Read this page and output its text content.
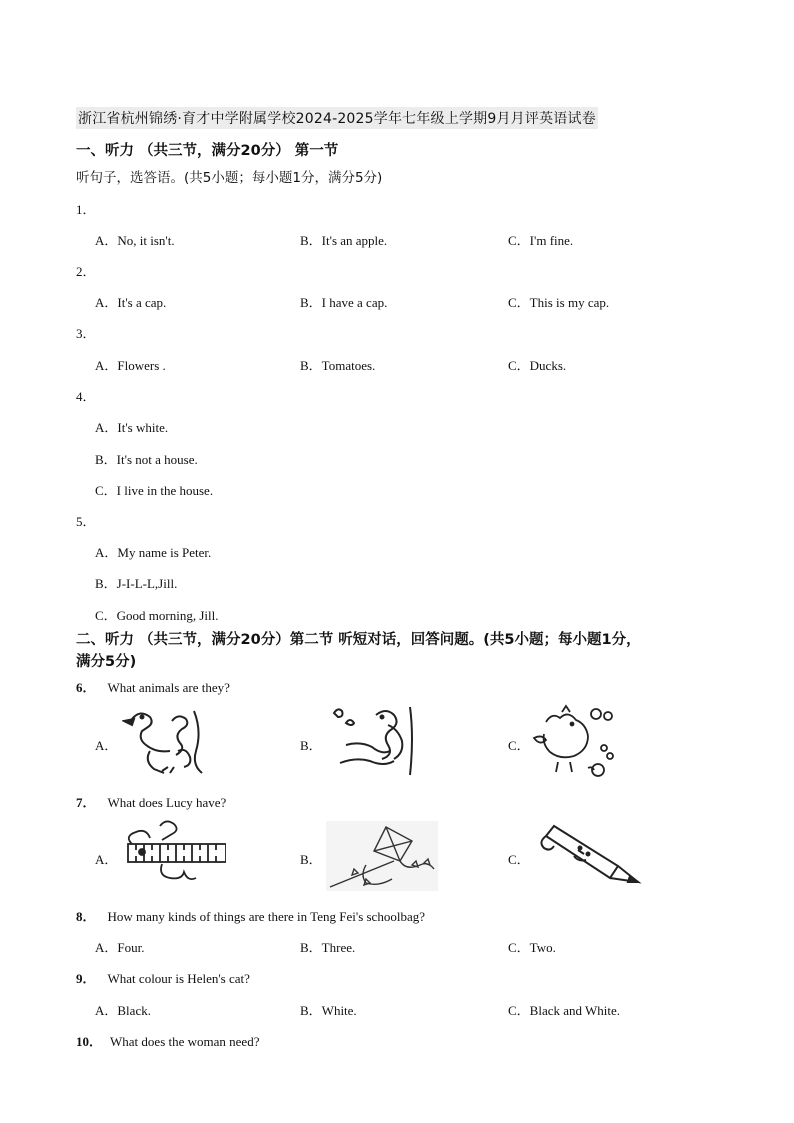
浙江省杭州锦绣·育才中学附属学校2024-2025学年七年级上学期9月月评英语试卷
一、听力 （共三节，满分20分） 第一节
听句子，选答语。(共5小题；每小题1分，满分5分)
1．
A．No, it isn't.	B．It's an apple.	C．I'm fine.
2．
A．It's a cap.	B．I have a cap.	C．This is my cap.
3．
A．Flowers .	B．Tomatoes.	C．Ducks.
4．
A．It's white.
B．It's not a house.
C．I live in the house.
5．
A．My name is Peter.
B．J-I-L-L,Jill.
C．Good morning, Jill.
二、听力 （共三节，满分20分）第二节 听短对话，回答问题。(共5小题；每小题1分，
满分5分)
6． What animals are they?
A．	B．	C．
7． What does Lucy have?
A．	B．	C．
8． How many kinds of things are there in Teng Fei's schoolbag?
A．Four.	B．Three.	C．Two.
9． What colour is Helen's cat?
A．Black.	B．White.	C．Black and White.
10． What does the woman need?
